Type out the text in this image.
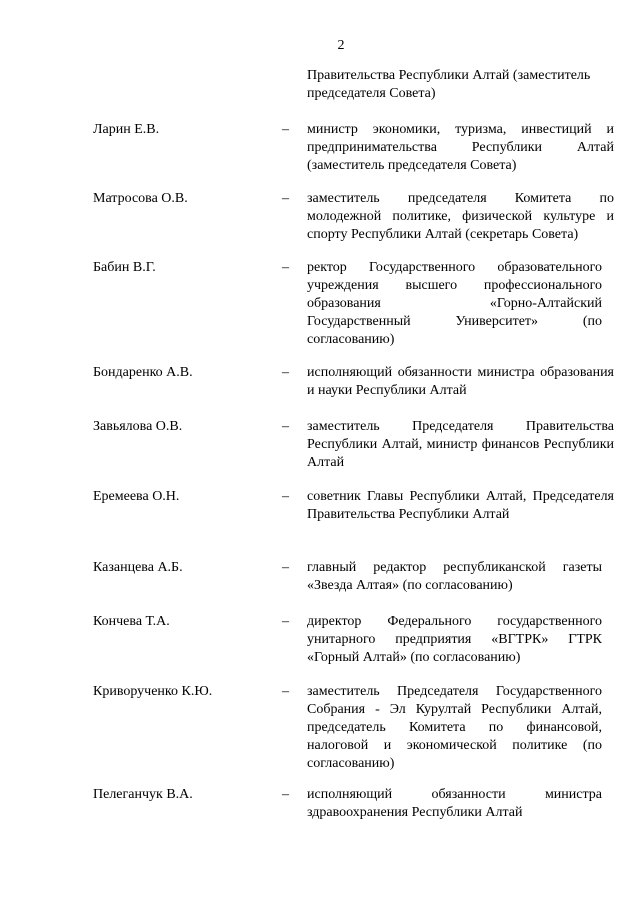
2
Правительства Республики Алтай (заместитель председателя Совета)
Ларин Е.В.	– министр экономики, туризма, инвестиций и предпринимательства Республики Алтай (заместитель председателя Совета)
Матросова О.В.	– заместитель председателя Комитета по молодежной политике, физической культуре и спорту Республики Алтай (секретарь Совета)
Бабин В.Г.	– ректор Государственного образовательного учреждения высшего профессионального образования «Горно-Алтайский Государственный Университет» (по согласованию)
Бондаренко А.В.	– исполняющий обязанности министра образования и науки Республики Алтай
Завьялова О.В.	– заместитель Председателя Правительства Республики Алтай, министр финансов Республики Алтай
Еремеева О.Н.	– советник Главы Республики Алтай, Председателя Правительства Республики Алтай
Казанцева А.Б.	– главный редактор республиканской газеты «Звезда Алтая» (по согласованию)
Кончева Т.А.	– директор Федерального государственного унитарного предприятия «ВГТРК» ГТРК «Горный Алтай» (по согласованию)
Криворученко К.Ю.	– заместитель Председателя Государственного Собрания - Эл Курултай Республики Алтай, председатель Комитета по финансовой, налоговой и экономической политике (по согласованию)
Пелеганчук В.А.	– исполняющий обязанности министра здравоохранения Республики Алтай
